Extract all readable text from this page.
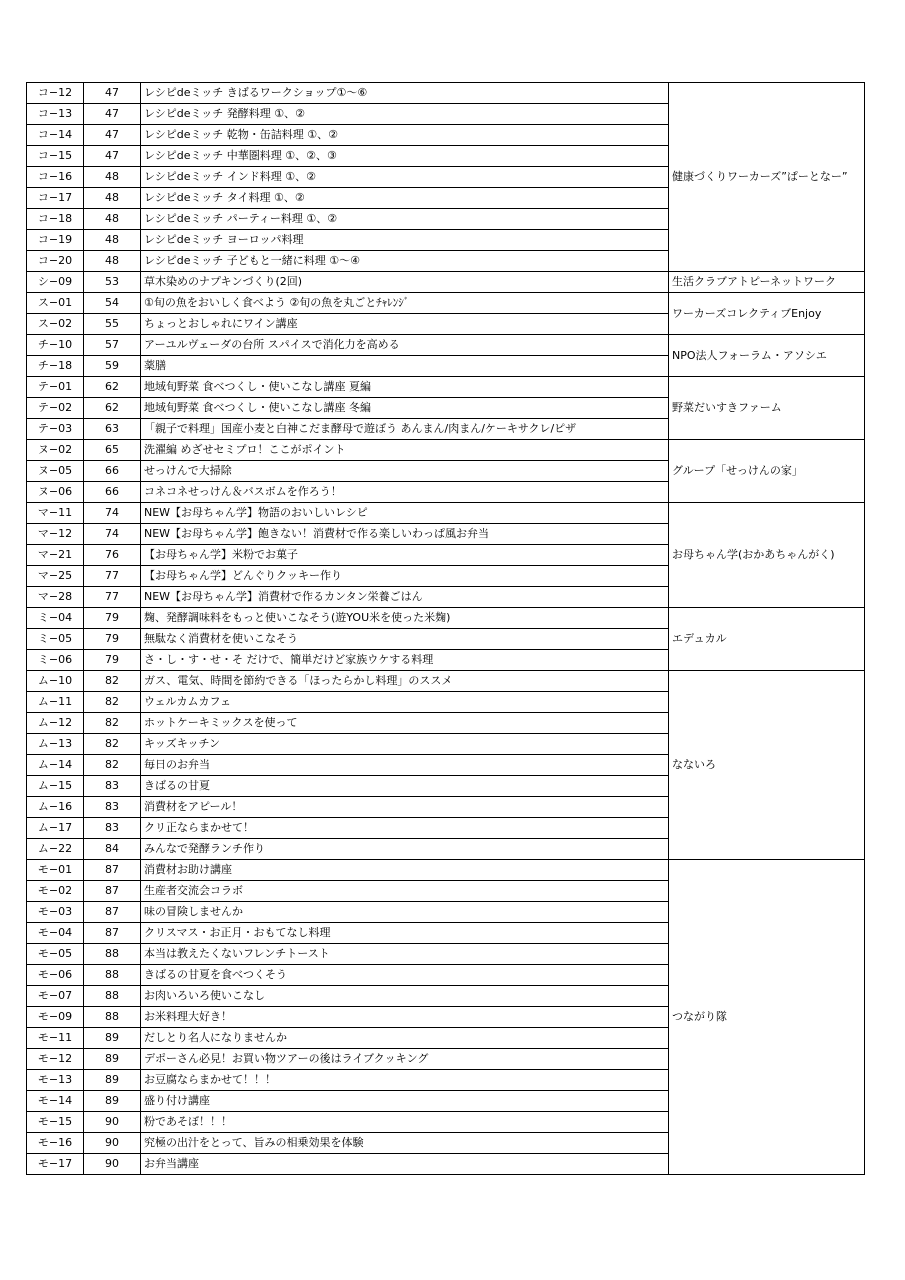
コ−12	47	レシピdeミッチ きばるワークショップ①〜⑥	健康づくりワーカーズ”ぱーとなー”
コ−13	47	レシピdeミッチ 発酵料理 ①、②	
コ−14	47	レシピdeミッチ 乾物・缶詰料理 ①、②	
コ−15	47	レシピdeミッチ 中華圏料理 ①、②、③	
コ−16	48	レシピdeミッチ インド料理 ①、②	
コ−17	48	レシピdeミッチ タイ料理 ①、②	
コ−18	48	レシピdeミッチ パーティー料理 ①、②	
コ−19	48	レシピdeミッチ ヨーロッパ料理	
コ−20	48	レシピdeミッチ 子どもと一緒に料理 ①〜④	
シ−09	53	草木染めのナプキンづくり(2回)	生活クラブアトピーネットワーク
ス−01	54	①旬の魚をおいしく食べよう ②旬の魚を丸ごとﾁｬﾚﾝｼﾞ	ワーカーズコレクティブEnjoy
ス−02	55	ちょっとおしゃれにワイン講座	
チ−10	57	アーユルヴェーダの台所 スパイスで消化力を高める	NPO法人フォーラム・アソシエ
チ−18	59	薬膳	
テ−01	62	地域旬野菜 食べつくし・使いこなし講座 夏編	野菜だいすきファーム
テ−02	62	地域旬野菜 食べつくし・使いこなし講座 冬編	
テ−03	63	「親子で料理」国産小麦と白神こだま酵母で遊ぼう あんまん/肉まん/ケーキサクレ/ピザ	
ヌ−02	65	洗濯編 めざせセミプロ！ここがポイント	グループ「せっけんの家」
ヌ−05	66	せっけんで大掃除	
ヌ−06	66	コネコネせっけん＆バスボムを作ろう！	
マ−11	74	NEW【お母ちゃん学】物語のおいしいレシピ	お母ちゃん学(おかあちゃんがく)
マ−12	74	NEW【お母ちゃん学】飽きない！消費材で作る楽しいわっぱ風お弁当	
マ−21	76	【お母ちゃん学】米粉でお菓子	
マ−25	77	【お母ちゃん学】どんぐりクッキー作り	
マ−28	77	NEW【お母ちゃん学】消費材で作るカンタン栄養ごはん	
ミ−04	79	麹、発酵調味料をもっと使いこなそう(遊YOU米を使った米麹)	エデュカル
ミ−05	79	無駄なく消費材を使いこなそう	
ミ−06	79	さ・し・す・せ・そ だけで、簡単だけど家族ウケする料理	
ム−10	82	ガス、電気、時間を節約できる「ほったらかし料理」のススメ	なないろ
ム−11	82	ウェルカムカフェ	
ム−12	82	ホットケーキミックスを使って	
ム−13	82	キッズキッチン	
ム−14	82	毎日のお弁当	
ム−15	83	きばるの甘夏	
ム−16	83	消費材をアピール！	
ム−17	83	クリ正ならまかせて！	
ム−22	84	みんなで発酵ランチ作り	
モ−01	87	消費材お助け講座	つながり隊
モ−02	87	生産者交流会コラボ	
モ−03	87	味の冒険しませんか	
モ−04	87	クリスマス・お正月・おもてなし料理	
モ−05	88	本当は教えたくないフレンチトースト	
モ−06	88	きばるの甘夏を食べつくそう	
モ−07	88	お肉いろいろ使いこなし	
モ−09	88	お米料理大好き！	
モ−11	89	だしとり名人になりませんか	
モ−12	89	デポーさん必見！お買い物ツアーの後はライブクッキング	
モ−13	89	お豆腐ならまかせて！！！	
モ−14	89	盛り付け講座	
モ−15	90	粉であそぼ！！！	
モ−16	90	究極の出汁をとって、旨みの相乗効果を体験	
モ−17	90	お弁当講座	
